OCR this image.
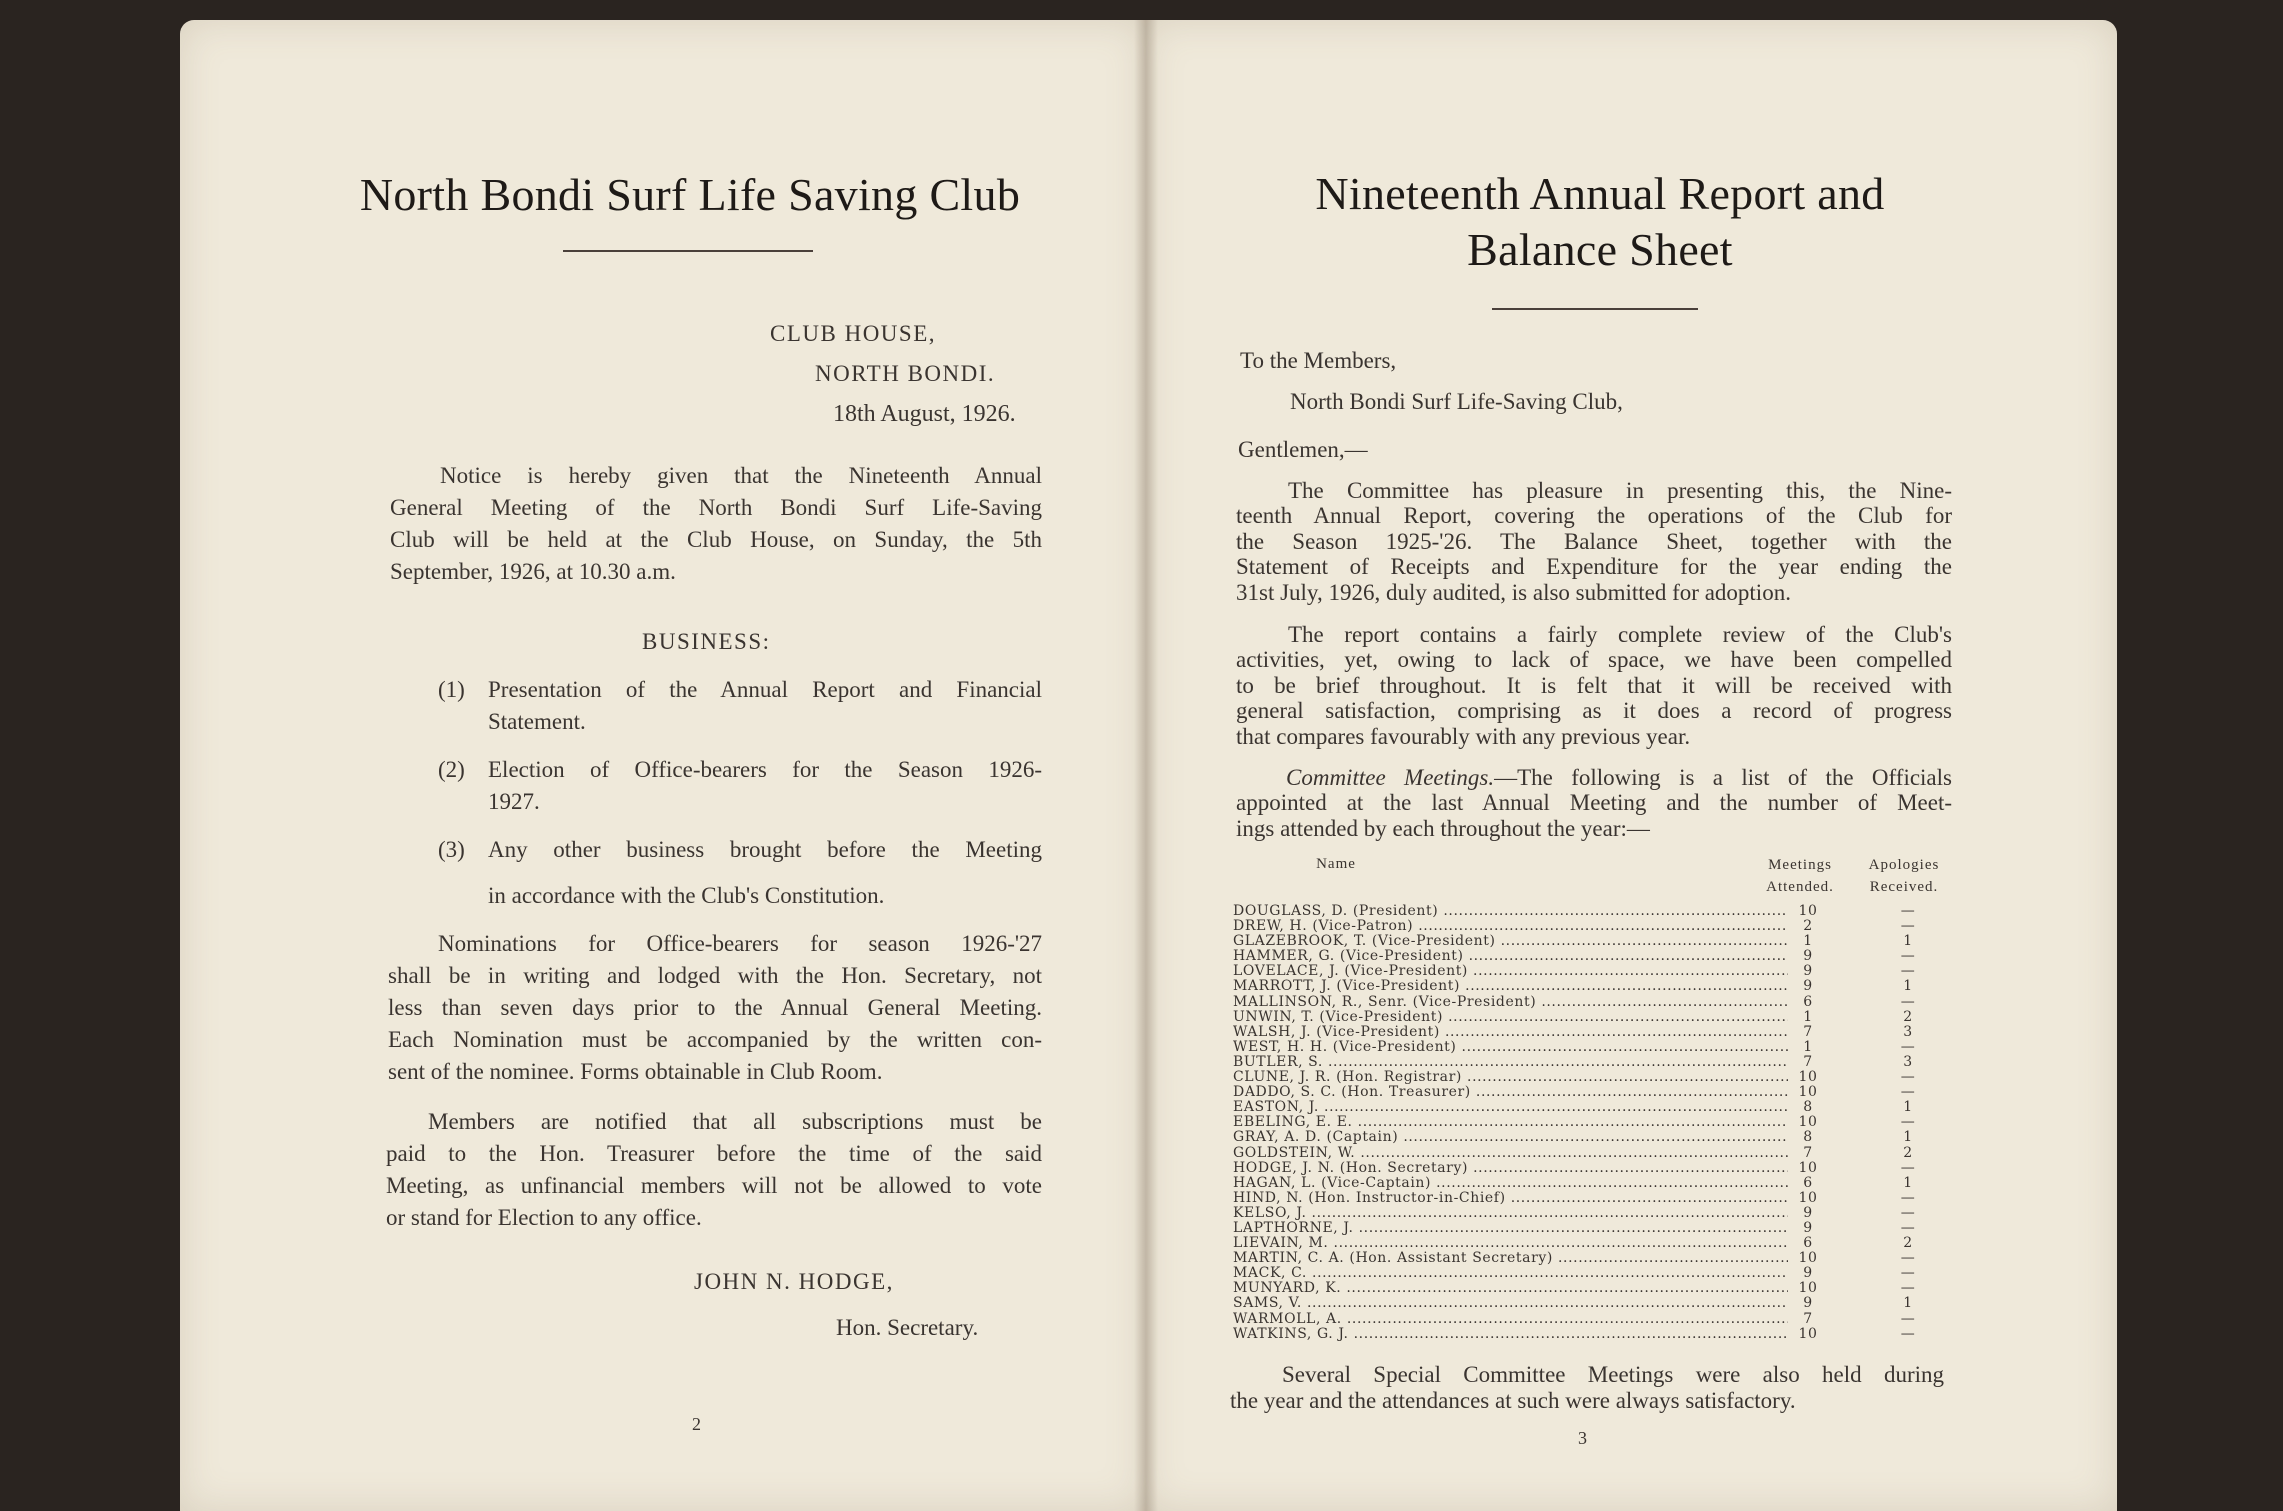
North Bondi Surf Life Saving Club
CLUB HOUSE,
NORTH BONDI.
18th August, 1926.
Notice is hereby given that the Nineteenth Annual
General Meeting of the North Bondi Surf Life-Saving
Club will be held at the Club House, on Sunday, the 5th
September, 1926, at 10.30 a.m.
BUSINESS:
(1) Presentation of the Annual Report and Financial
Statement.
(2) Election of Office-bearers for the Season 1926-
1927.
(3) Any other business brought before the Meeting
in accordance with the Club's Constitution.
Nominations for Office-bearers for season 1926-'27
shall be in writing and lodged with the Hon. Secretary, not
less than seven days prior to the Annual General Meeting.
Each Nomination must be accompanied by the written con-
sent of the nominee. Forms obtainable in Club Room.
Members are notified that all subscriptions must be
paid to the Hon. Treasurer before the time of the said
Meeting, as unfinancial members will not be allowed to vote
or stand for Election to any office.
JOHN N. HODGE,
Hon. Secretary.
2
Nineteenth Annual Report and
Balance Sheet
To the Members,
North Bondi Surf Life-Saving Club,
Gentlemen,—
The Committee has pleasure in presenting this, the Nine-
teenth Annual Report, covering the operations of the Club for
the Season 1925-'26. The Balance Sheet, together with the
Statement of Receipts and Expenditure for the year ending the
31st July, 1926, duly audited, is also submitted for adoption.
The report contains a fairly complete review of the Club's
activities, yet, owing to lack of space, we have been compelled
to be brief throughout. It is felt that it will be received with
general satisfaction, comprising as it does a record of progress
that compares favourably with any previous year.
Committee Meetings.—The following is a list of the Officials
appointed at the last Annual Meeting and the number of Meet-
ings attended by each throughout the year:—
Name	Meetings
Attended.
Apologies
Received.
DOUGLASS, D. (President) .....	10	—
DREW, H. (Vice-Patron) .....	2	—
GLAZEBROOK, T. (Vice-President) .....	1	1
HAMMER, G. (Vice-President) .....	9	—
LOVELACE, J. (Vice-President) .....	9	—
MARROTT, J. (Vice-President) .....	9	1
MALLINSON, R., Senr. (Vice-President) .....	6	—
UNWIN, T. (Vice-President) .....	1	2
WALSH, J. (Vice-President) .....	7	3
WEST, H. H. (Vice-President) .....	1	—
BUTLER, S. .....	7	3
CLUNE, J. R. (Hon. Registrar) .....	10	—
DADDO, S. C. (Hon. Treasurer) .....	10	—
EASTON, J. .....	8	1
EBELING, E. E. .....	10	—
GRAY, A. D. (Captain) .....	8	1
GOLDSTEIN, W. .....	7	2
HODGE, J. N. (Hon. Secretary) .....	10	—
HAGAN, L. (Vice-Captain) .....	6	1
HIND, N. (Hon. Instructor-in-Chief) .....	10	—
KELSO, J. .....	9	—
LAPTHORNE, J. .....	9	—
LIEVAIN, M. .....	6	2
MARTIN, C. A. (Hon. Assistant Secretary) .....	10	—
MACK, C. .....	9	—
MUNYARD, K. .....	10	—
SAMS, V. .....	9	1
WARMOLL, A. .....	7	—
WATKINS, G. J. .....	10	—
Several Special Committee Meetings were also held during
the year and the attendances at such were always satisfactory.
3
